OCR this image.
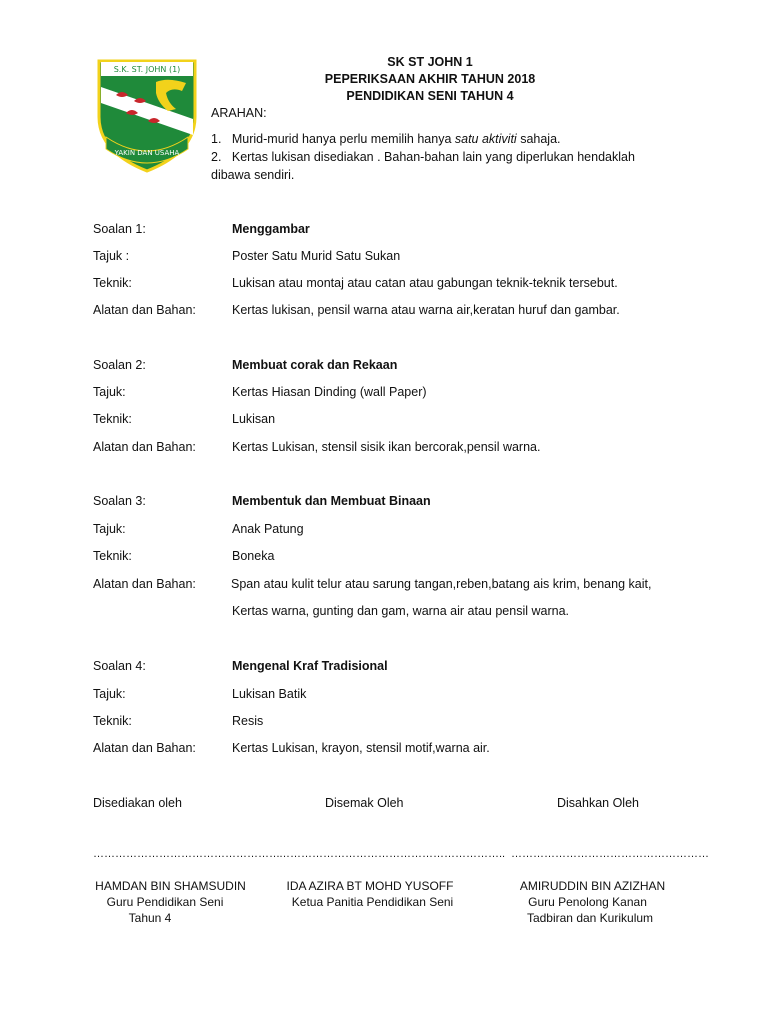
S.K. ST. JOHN (1)
YAKIN DAN USAHA
SK ST JOHN 1
PEPERIKSAAN AKHIR TAHUN 2018
PENDIDIKAN SENI TAHUN 4
ARAHAN:
1. Murid-murid hanya perlu memilih hanya satu aktiviti sahaja.
2. Kertas lukisan disediakan . Bahan-bahan lain yang diperlukan hendaklah
dibawa sendiri.
Soalan 1:	Menggambar
Tajuk :	Poster Satu Murid Satu Sukan
Teknik:	Lukisan atau montaj atau catan atau gabungan teknik-teknik tersebut.
Alatan dan Bahan:	Kertas lukisan, pensil warna atau warna air,keratan huruf dan gambar.
Soalan 2:	Membuat corak dan Rekaan
Tajuk:	Kertas Hiasan Dinding (wall Paper)
Teknik:	Lukisan
Alatan dan Bahan:	Kertas Lukisan, stensil sisik ikan bercorak,pensil warna.
Soalan 3:	Membentuk dan Membuat Binaan
Tajuk:	Anak Patung
Teknik:	Boneka
Alatan dan Bahan:	Span atau kulit telur atau sarung tangan,reben,batang ais krim, benang kait,
Kertas warna, gunting dan gam, warna air atau pensil warna.
Soalan 4:	Mengenal Kraf Tradisional
Tajuk:	Lukisan Batik
Teknik:	Resis
Alatan dan Bahan:	Kertas Lukisan, krayon, stensil motif,warna air.
Disediakan oleh	Disemak Oleh	Disahkan Oleh
…………………………………………… …………………………………………………….. ………………………………………………
HAMDAN BIN SHAMSUDIN
Guru Pendidikan Seni
Tahun 4
IDA AZIRA BT MOHD YUSOFF
Ketua Panitia Pendidikan Seni
AMIRUDDIN BIN AZIZHAN
Guru Penolong Kanan
Tadbiran dan Kurikulum
